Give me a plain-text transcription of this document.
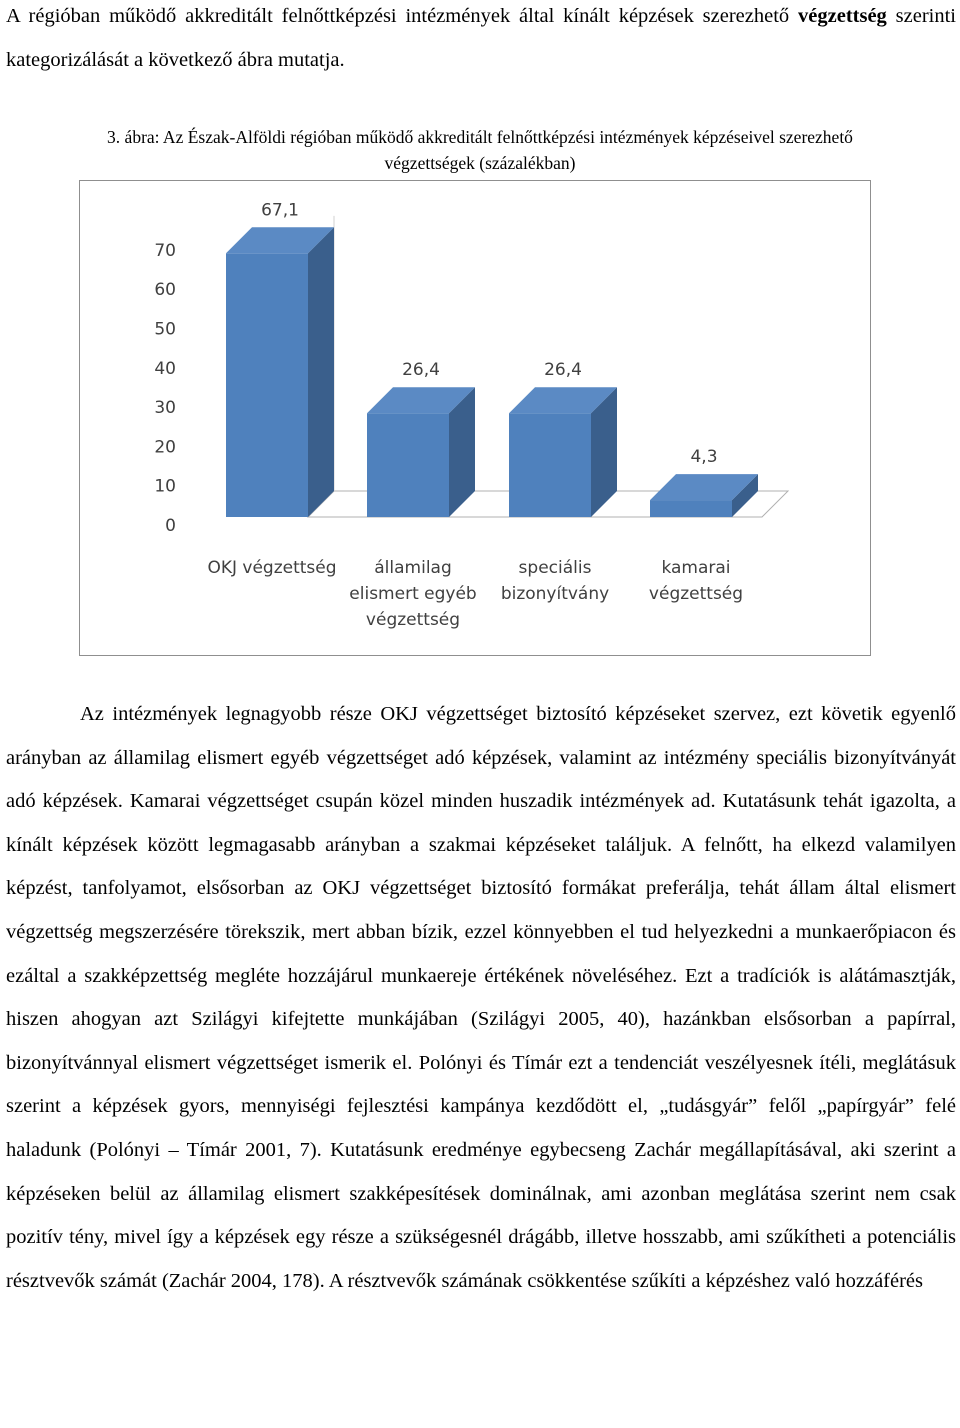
A régióban működő akkreditált felnőttképzési intézmények által kínált képzések szerezhető végzettség szerinti kategorizálását a következő ábra mutatja.
3. ábra: Az Észak-Alföldi régióban működő akkreditált felnőttképzési intézmények képzéseivel szerezhető
végzettségek (százalékban)
0
10
20
30
40
50
60
70
67,1
OKJ végzettség
26,4
államilag elismert egyéb végzettség
26,4
speciális bizonyítvány
4,3
kamarai végzettség

Az intézmények legnagyobb része OKJ végzettséget biztosító képzéseket szervez, ezt követik egyenlő arányban az államilag elismert egyéb végzettséget adó képzések, valamint az intézmény speciális bizonyítványát adó képzések. Kamarai végzettséget csupán közel minden huszadik intézmények ad. Kutatásunk tehát igazolta, a kínált képzések között legmagasabb arányban a szakmai képzéseket találjuk. A felnőtt, ha elkezd valamilyen képzést, tanfolyamot, elsősorban az OKJ végzettséget biztosító formákat preferálja, tehát állam által elismert végzettség megszerzésére törekszik, mert abban bízik, ezzel könnyebben el tud helyezkedni a munkaerőpiacon és ezáltal a szakképzettség megléte hozzájárul munkaereje értékének növeléséhez. Ezt a tradíciók is alátámasztják, hiszen ahogyan azt Szilágyi kifejtette munkájában (Szilágyi 2005, 40), hazánkban elsősorban a papírral, bizonyítvánnyal elismert végzettséget ismerik el. Polónyi és Tímár ezt a tendenciát veszélyesnek ítéli, meglátásuk szerint a képzések gyors, mennyiségi fejlesztési kampánya kezdődött el, „tudásgyár” felől „papírgyár” felé haladunk (Polónyi – Tímár 2001, 7). Kutatásunk eredménye egybecseng Zachár megállapításával, aki szerint a képzéseken belül az államilag elismert szakképesítések dominálnak, ami azonban meglátása szerint nem csak pozitív tény, mivel így a képzések egy része a szükségesnél drágább, illetve hosszabb, ami szűkítheti a potenciális résztvevők számát (Zachár 2004, 178). A résztvevők számának csökkentése szűkíti a képzéshez való hozzáférés
